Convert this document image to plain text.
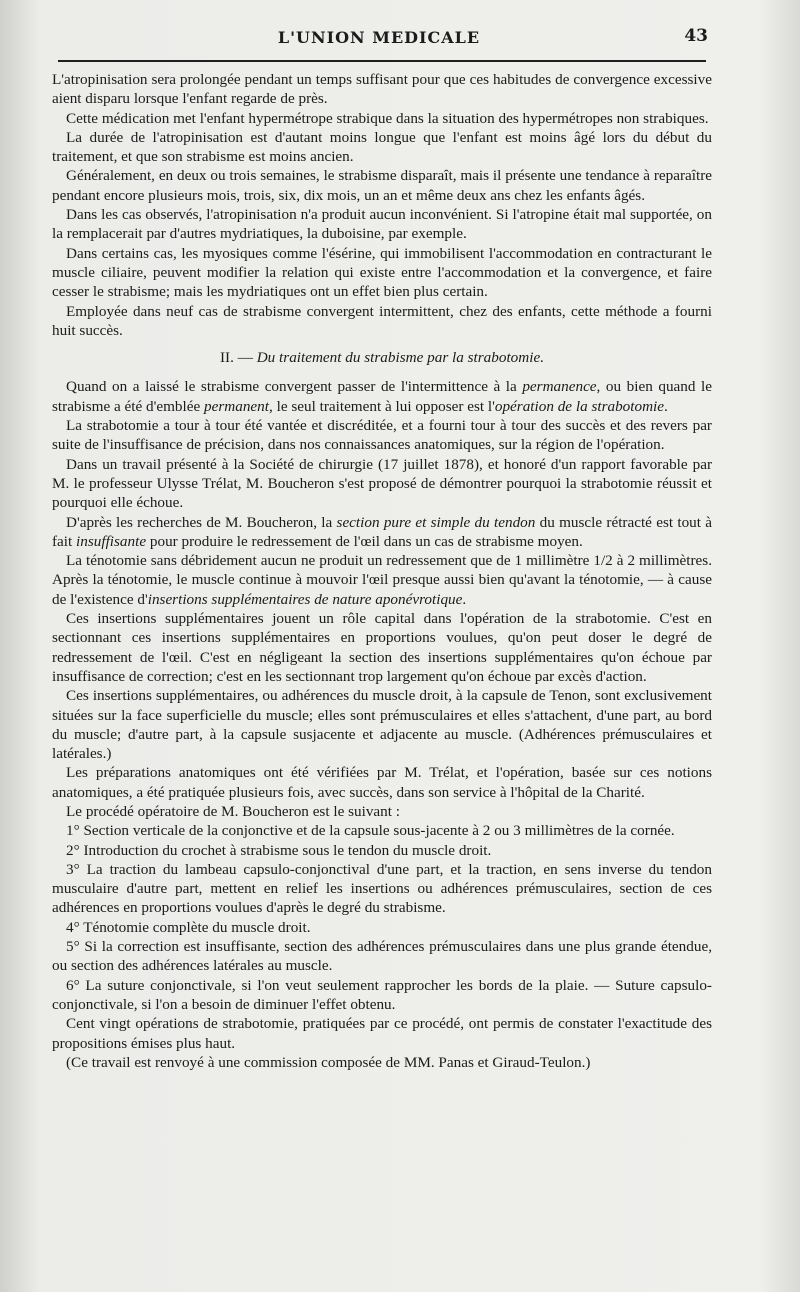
L'UNION MEDICALE	43

L'atropinisation sera prolongée pendant un temps suffisant pour que ces habitudes de convergence excessive aient disparu lorsque l'enfant regarde de près.

Cette médication met l'enfant hypermétrope strabique dans la situation des hypermétropes non strabiques.

La durée de l'atropinisation est d'autant moins longue que l'enfant est moins âgé lors du début du traitement, et que son strabisme est moins ancien.

Généralement, en deux ou trois semaines, le strabisme disparaît, mais il présente une tendance à reparaître pendant encore plusieurs mois, trois, six, dix mois, un an et même deux ans chez les enfants âgés.

Dans les cas observés, l'atropinisation n'a produit aucun inconvénient. Si l'atropine était mal supportée, on la remplacerait par d'autres mydriatiques, la duboisine, par exemple.

Dans certains cas, les myosiques comme l'ésérine, qui immobilisent l'accommodation en contracturant le muscle ciliaire, peuvent modifier la relation qui existe entre l'accommodation et la convergence, et faire cesser le strabisme; mais les mydriatiques ont un effet bien plus certain.

Employée dans neuf cas de strabisme convergent intermittent, chez des enfants, cette méthode a fourni huit succès.

II. — Du traitement du strabisme par la strabotomie.

Quand on a laissé le strabisme convergent passer de l'intermittence à la permanence, ou bien quand le strabisme a été d'emblée permanent, le seul traitement à lui opposer est l'opération de la strabotomie.

La strabotomie a tour à tour été vantée et discréditée, et a fourni tour à tour des succès et des revers par suite de l'insuffisance de précision, dans nos connaissances anatomiques, sur la région de l'opération.

Dans un travail présenté à la Société de chirurgie (17 juillet 1878), et honoré d'un rapport favorable par M. le professeur Ulysse Trélat, M. Boucheron s'est proposé de démontrer pourquoi la strabotomie réussit et pourquoi elle échoue.

D'après les recherches de M. Boucheron, la section pure et simple du tendon du muscle rétracté est tout à fait insuffisante pour produire le redressement de l'œil dans un cas de strabisme moyen.

La ténotomie sans débridement aucun ne produit un redressement que de 1 millimètre 1/2 à 2 millimètres. Après la ténotomie, le muscle continue à mouvoir l'œil presque aussi bien qu'avant la ténotomie, — à cause de l'existence d'insertions supplémentaires de nature aponévrotique.

Ces insertions supplémentaires jouent un rôle capital dans l'opération de la strabotomie. C'est en sectionnant ces insertions supplémentaires en proportions voulues, qu'on peut doser le degré de redressement de l'œil. C'est en négligeant la section des insertions supplémentaires qu'on échoue par insuffisance de correction; c'est en les sectionnant trop largement qu'on échoue par excès d'action.

Ces insertions supplémentaires, ou adhérences du muscle droit, à la capsule de Tenon, sont exclusivement situées sur la face superficielle du muscle; elles sont prémusculaires et elles s'attachent, d'une part, au bord du muscle; d'autre part, à la capsule susjacente et adjacente au muscle. (Adhérences prémusculaires et latérales.)

Les préparations anatomiques ont été vérifiées par M. Trélat, et l'opération, basée sur ces notions anatomiques, a été pratiquée plusieurs fois, avec succès, dans son service à l'hôpital de la Charité.

Le procédé opératoire de M. Boucheron est le suivant :

1° Section verticale de la conjonctive et de la capsule sous-jacente à 2 ou 3 millimètres de la cornée.

2° Introduction du crochet à strabisme sous le tendon du muscle droit.

3° La traction du lambeau capsulo-conjonctival d'une part, et la traction, en sens inverse du tendon musculaire d'autre part, mettent en relief les insertions ou adhérences prémusculaires, section de ces adhérences en proportions voulues d'après le degré du strabisme.

4° Ténotomie complète du muscle droit.

5° Si la correction est insuffisante, section des adhérences prémusculaires dans une plus grande étendue, ou section des adhérences latérales au muscle.

6° La suture conjonctivale, si l'on veut seulement rapprocher les bords de la plaie. — Suture capsulo-conjonctivale, si l'on a besoin de diminuer l'effet obtenu.

Cent vingt opérations de strabotomie, pratiquées par ce procédé, ont permis de constater l'exactitude des propositions émises plus haut.

(Ce travail est renvoyé à une commission composée de MM. Panas et Giraud-Teulon.)
